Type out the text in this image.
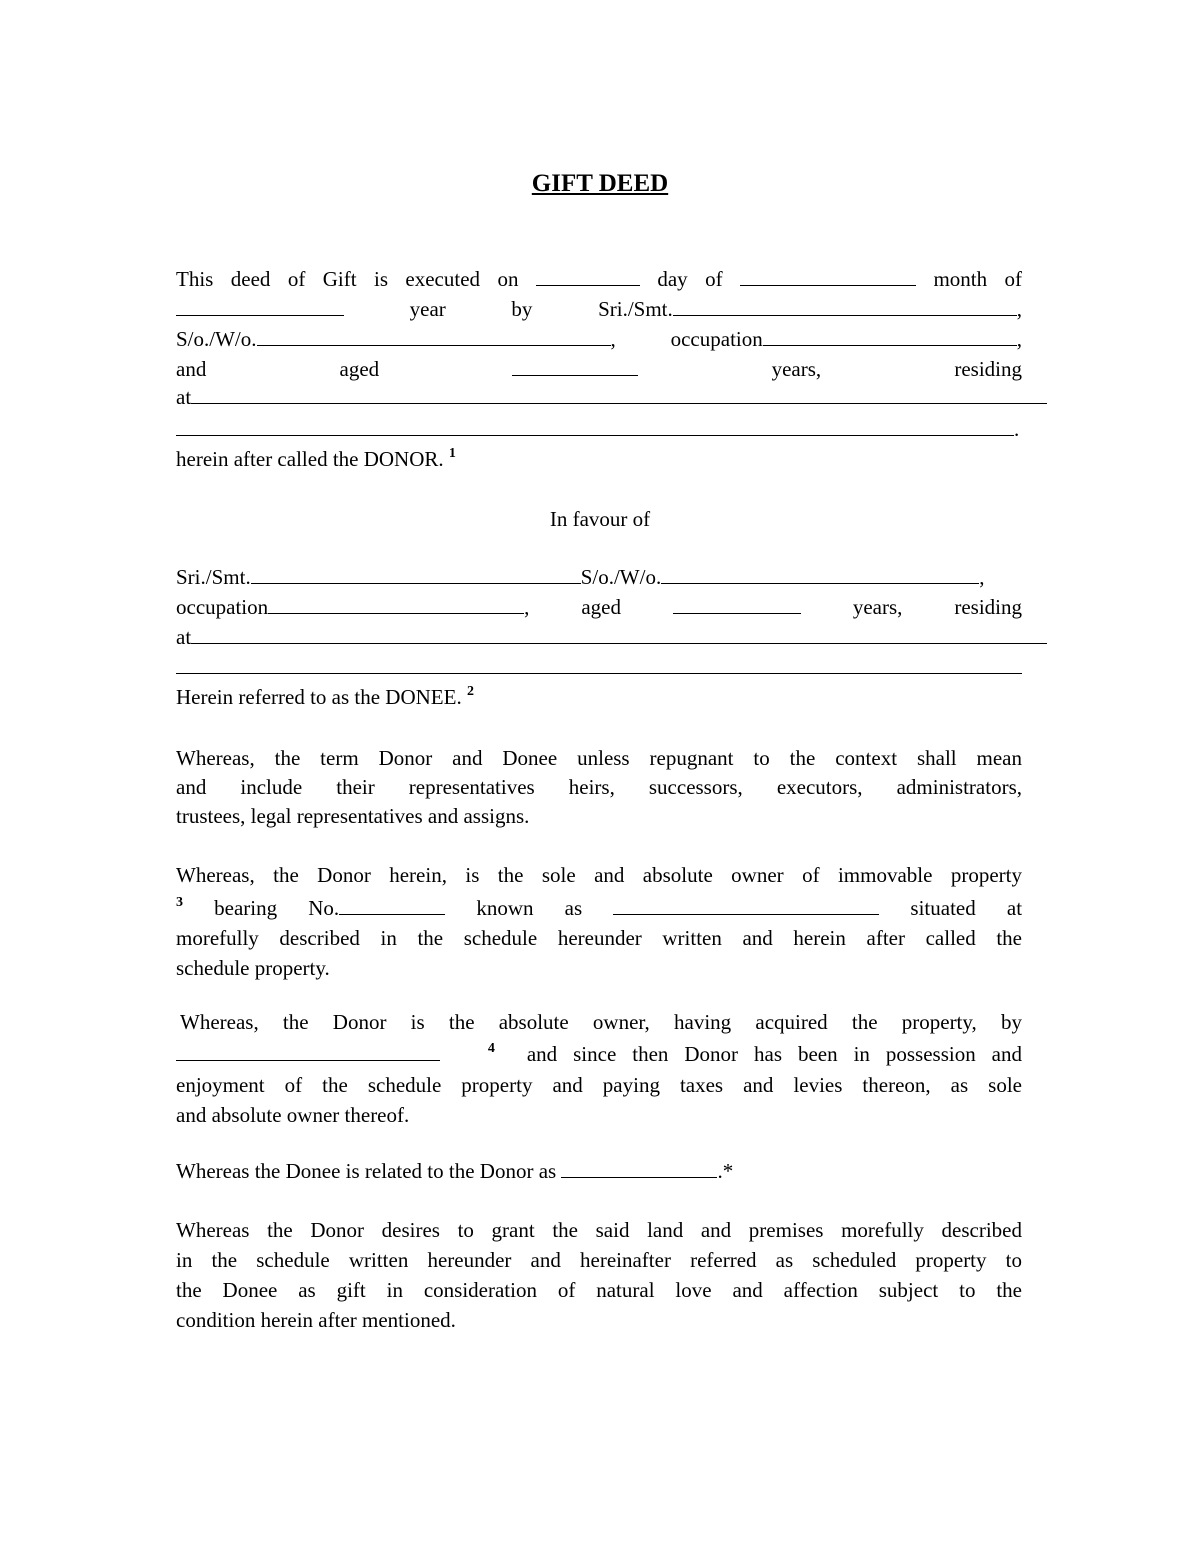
GIFT DEED
This deed of Gift is executed on	day of	month of
year	by	Sri./Smt.	,
S/o./W/o.	, occupation	,
and	aged	years,	residing
at
.
herein after called the DONOR. $^1$
In favour of
Sri./Smt.	S/o./W/o.	,
occupation	, aged	years, residing
at
Herein referred to as the DONEE. $^2$
Whereas, the term Donor and Donee unless repugnant to the context shall mean
and include their representatives heirs, successors, executors, administrators,
trustees, legal representatives and assigns.
Whereas, the Donor herein, is the sole and absolute owner of immovable property
$^3$ bearing No.	known as	situated at
morefully described in the schedule hereunder written and herein after called the
schedule property.
Whereas, the Donor is the absolute owner, having acquired the property, by
$^4$ and since then Donor has been in possession and
enjoyment of the schedule property and paying taxes and levies thereon, as sole
and absolute owner thereof.
Whereas the Donee is related to the Donor as	.*
Whereas the Donor desires to grant the said land and premises morefully described
in the schedule written hereunder and hereinafter referred as scheduled property to
the Donee as gift in consideration of natural love and affection subject to the
condition herein after mentioned.
